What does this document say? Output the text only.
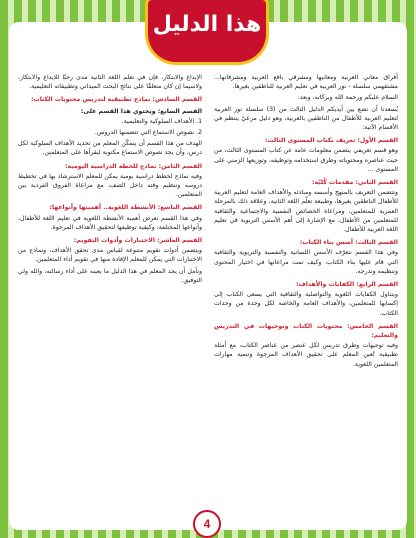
هذا الدليل
أفراق معاني العربية ومعانيها ومشرقي باقع العربية ومشرقاتها... مشتقهمي سلسلة - نور العربية في تعليم العربية للناطقين بغيرها.
السلام عليكم ورحمة الله وبركاته، وبعد:
يُسعدنا أن نضع بين أيديكم الدليل الثالث من (3) سلسلة نور العربية لتعليم العربية للأطفال من الناطقين بالعربية، وهو دليل مرعيّ ينتظم في الأقسام الآتية:
القسم الأول: تعريف بكتاب المستوى الثالث:
وهو قسم تعريفي يتضمن معلومات عامة عن كتاب المستوى الثالث، من حيث عناصره ومحتوياته وطرق استخدامه وتوظيفه، وتوزيعها الزمني على المستوى ...
القسم الثاني: مقدمات كُليّة:
وتتضمن التعريف بالمنهج وأسسه ومبادئه والأهداف العامة لتعليم العربية للأطفال الناطقين بغيرها، وطبيعة تعلّم اللغة الثانية، وعلاقة ذلك بالمرحلة العمرية للمتعلمين، ومراعاة الخصائص النفسية والاجتماعية والثقافية للمتعلمين من الأطفال، مع الإشارة إلى أهم الأسس التربوية في تعليم اللغة العربية للأطفال.
القسم الثالث: أسس بناء الكتاب:
وفي هذا القسم نتعرّف الأسس اللسانية والنفسية والتربوية والثقافية التي قام عليها بناء الكتاب، وكيف تمت مراعاتها في اختيار المحتوى وتنظيمه وتدرجه.
القسم الرابع: الكفايات والأهداف:
ويتناول الكفايات اللغوية والتواصلية والثقافية التي يسعى الكتاب إلى إكسابها للمتعلمين، والأهداف العامة والخاصة لكل وحدة من وحدات الكتاب.
القسم الخامس: محتويات الكتاب وتوجيهات في التدريس والتعليم:
وفيه توجيهات وطرق تدريس لكل عنصر من عناصر الكتاب، مع أمثلة تطبيقية تُعين المعلم على تحقيق الأهداف المرجوة وتنمية مهارات المتعلمين اللغوية.
الإبداع والابتكار، فإن في تعلم اللغة الثانية مدى رحبًا للإبداع والابتكار، ولاسيما إن كان متعلقًا على نتائج البحث الميداني وتطبيقاته التعليمية.
القسم السادس: نماذج تطبيقية لتدريس محتويات الكتاب:
القسم السابع: ويحتوي هذا القسم على:
1. الأهداف السلوكية والتعليمية.
2. نصوص الاستماع التي تتضمنها الدروس.
الهدف من هذا القسم أن يتمكّن المعلم من تحديد الأهداف السلوكية لكل درس، وأن يجد نصوص الاستماع مكتوبة ليقرأها على المتعلمين.
القسم الثامن: نماذج للخطة الدراسية اليومية:
وفيه نماذج لخطط دراسية يومية يمكن للمعلم الاسترشاد بها في تخطيط دروسه وتنظيم وقته داخل الصف، مع مراعاة الفروق الفردية بين المتعلمين.
القسم التاسع: الأنشطة اللغوية.. أهميتها وأنواعها:
وفي هذا القسم نعرض أهمية الأنشطة اللغوية في تعليم اللغة للأطفال، وأنواعها المختلفة، وكيفية توظيفها لتحقيق الأهداف المرجوة.
القسم العاشر: الاختبارات وأدوات التقويم:
ويتضمن أدوات تقويم متنوعة لقياس مدى تحقق الأهداف، ونماذج من الاختبارات التي يمكن للمعلم الإفادة منها في تقويم أداء المتعلمين.
ونأمل أن يجد المعلم في هذا الدليل ما يعينه على أداء رسالته، والله ولي التوفيق.
4
